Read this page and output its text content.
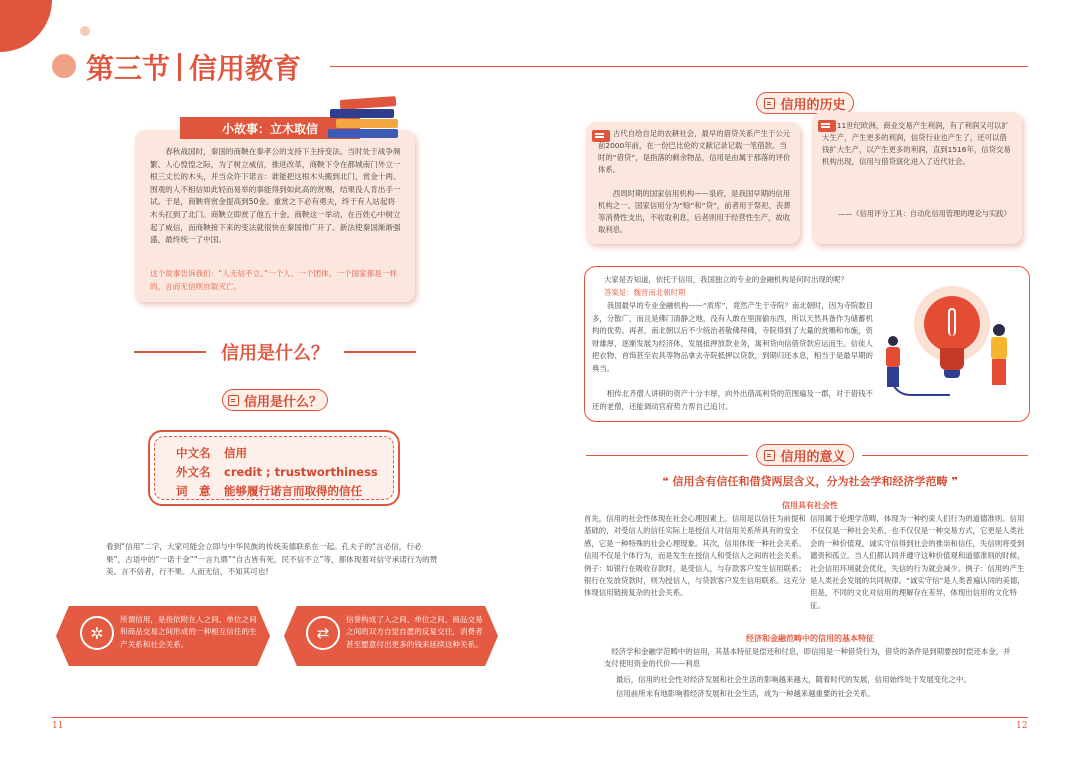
第三节 信用教育
小故事：立木取信
春秋战国时，秦国的商鞅在秦孝公的支持下主持变法。当时处于战争频繁、人心惶惶之际，为了树立威信，推进改革，商鞅下令在都城南门外立一根三丈长的木头，并当众许下诺言：谁能把这根木头搬到北门，赏金十两。围观的人不相信如此轻而易举的事能得到如此高的赏赐，结果没人肯出手一试。于是，商鞅将赏金提高到50金。重赏之下必有勇夫，终于有人站起将木头扛到了北门。商鞅立即赏了他五十金。商鞅这一举动，在百姓心中树立起了威信，而商鞅接下来的变法就很快在秦国推广开了。新法使秦国渐渐强盛，最终统一了中国。
这个故事告诉我们：“人无信不立。”一个人、一个团体，一个国家都是一样的，言而无信则自取灭亡。
信用是什么？
信用是什么？
中文名 信用
外文名 credit ; trustworthiness
词　意 能够履行诺言而取得的信任
看到“信用”二字，大家可能会立即与中华民族的传统美德联系在一起。孔夫子的“言必信，行必果”，古语中的“一诺千金”“一言九鼎”“自古皆有死，民不信不立”等，都体现着对信守承诺行为的赞美。言不信者，行不果。人而无信，不知其可也!
✲
所谓信用，是指依附在人之间、单位之间和商品交易之间形成的一种相互信任的生产关系和社会关系。
⇄
信誉构成了人之间、单位之间、商品交易之间的双方自觉自愿的反复交往，消费者甚至愿意付出更多的钱来延续这种关系。
信用的历史
古代自给自足的农耕社会，最早的借贷关系产生于公元前2000年前，在一份巴比伦的文献记录记载一笔借款。当时的“借贷”，是指落的剩余物品，信用是由属于那落的评价体系。
西周时期的国家信用机构——泉府，是我国早期的信用机构之一。国家信用分为“赊”和“贷”，前者用于祭祀、丧葬等消费性支出，不收取利息，后者则用于经营性生产，故收取利息。
11世纪欧洲，商业交易产生利润，有了利润又可以扩大生产，产生更多的利润，信贷行业也产生了，还可以借钱扩大生产，以产生更多的利润，直到1516年，信贷交易机构出现，信用与借贷演化进入了近代社会。
——《信用评分工具：自动化信用管理的理论与实践》
大家是否知道，依托于信用，我国独立的专业的金融机构是何时出现的呢？
答案是：魏晋南北朝时期
我国最早的专业金融机构——“质库”，竟然产生于寺院？南北朝时，因为寺院数目多，分散广，而且是佛门清静之地，没有人敢在里面偷东西，所以天然具备作为储蓄机构的优势。再者，南北朝以后不少统治者敬佛拜佛，寺院得到了大量的赏赐和布施，资财雄厚，逐渐发展为经济体，发展抵押放款业务，寓利贷向信借贷款应运而生。信徒人把衣物、首饰甚至农具等物品拿去寺院抵押以贷款，到期归还本息，相当于是最早期的典当。
相传北齐僧人讲研的资产十分丰厚，向外出借高利贷的范围遍及一郡，对于借钱不还的老僧，还能调动官府势力帮自己追讨。
信用的意义
❝ 信用含有信任和借贷两层含义，分为社会学和经济学范畴 ❞
信用具有社会性
首先，信用的社会性体现在社会心理因素上。信用是以信任为前提和基础的，对受信人的信任实际上是授信人对信用关系所具有的安全感，它是一种特殊的社会心理现象。其次，信用体现一种社会关系。信用不仅是个体行为，而是发生在授信人和受信人之间的社会关系。例子：如银行在吸收存款时，是受信人，与存款客户发生信用联系；银行在发放贷款时，则为授信人，与贷款客户发生信用联系。这充分体现信用链接复杂的社会关系。
信用属于伦理学范畴，体现为一种约束人们行为的道德准则。信用不仅仅是一种社会关系，也不仅仅是一种交易方式，它更是人类社会的一种价值观。诚实守信得到社会的推崇和信任，失信则将受到谴责和孤立。当人们都认同并遵守这种价值观和道德准则的时候，社会信用环境就会优化，失信的行为就会减少。例子：信用的产生是人类社会发展的共同规律。“诚实守信”是人类普遍认同的美德，但是，不同的文化对信用的理解存在差异，体现出信用的文化特征。
经济和金融范畴中的信用的基本特征
经济学和金融学范畴中的信用，其基本特征是偿还和付息，即信用是一种借贷行为，借贷的条件是到期要按时偿还本金，并支付使用资金的代价——利息
最后，信用的社会性对经济发展和社会生活的影响越来越大，随着时代的发展，信用始终处于发展变化之中。
信用前所未有地影响着经济发展和社会生活，成为一种越来越重要的社会关系。
11	12
